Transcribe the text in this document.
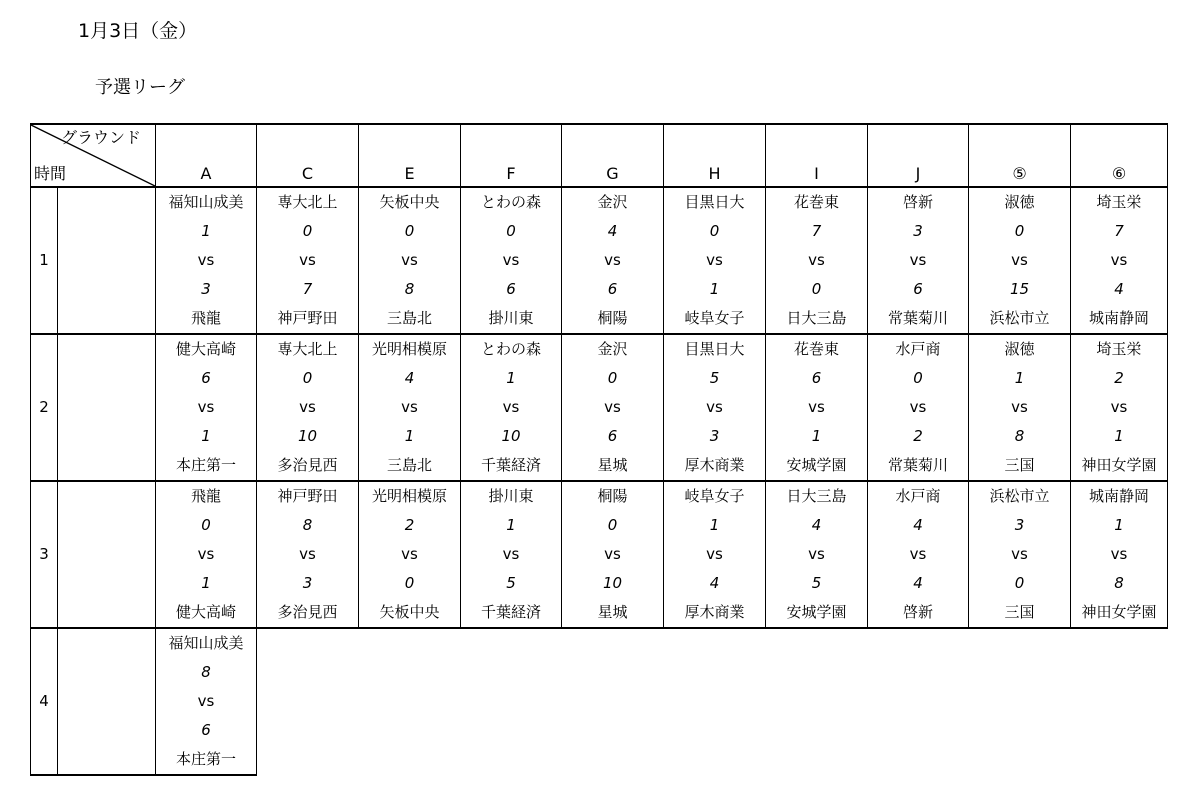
1月3日（金）
予選リーグ
グラウンド
時間		A	C	E	F	G	H	I	J	⑤	⑥
1		福知山成美	専大北上	矢板中央	とわの森	金沢	目黒日大	花巻東	啓新	淑徳	埼玉栄
		1	0	0	0	4	0	7	3	0	7
		vs	vs	vs	vs	vs	vs	vs	vs	vs	vs
		3	7	8	6	6	1	0	6	15	4
		飛龍	神戸野田	三島北	掛川東	桐陽	岐阜女子	日大三島	常葉菊川	浜松市立	城南静岡
2		健大高崎	専大北上	光明相模原	とわの森	金沢	目黒日大	花巻東	水戸商	淑徳	埼玉栄
		6	0	4	1	0	5	6	0	1	2
		vs	vs	vs	vs	vs	vs	vs	vs	vs	vs
		1	10	1	10	6	3	1	2	8	1
		本庄第一	多治見西	三島北	千葉経済	星城	厚木商業	安城学園	常葉菊川	三国	神田女学園
3		飛龍	神戸野田	光明相模原	掛川東	桐陽	岐阜女子	日大三島	水戸商	浜松市立	城南静岡
		0	8	2	1	0	1	4	4	3	1
		vs	vs	vs	vs	vs	vs	vs	vs	vs	vs
		1	3	0	5	10	4	5	4	0	8
		健大高崎	多治見西	矢板中央	千葉経済	星城	厚木商業	安城学園	啓新	三国	神田女学園
4		福知山成美									
		8									
		vs									
		6									
		本庄第一									
